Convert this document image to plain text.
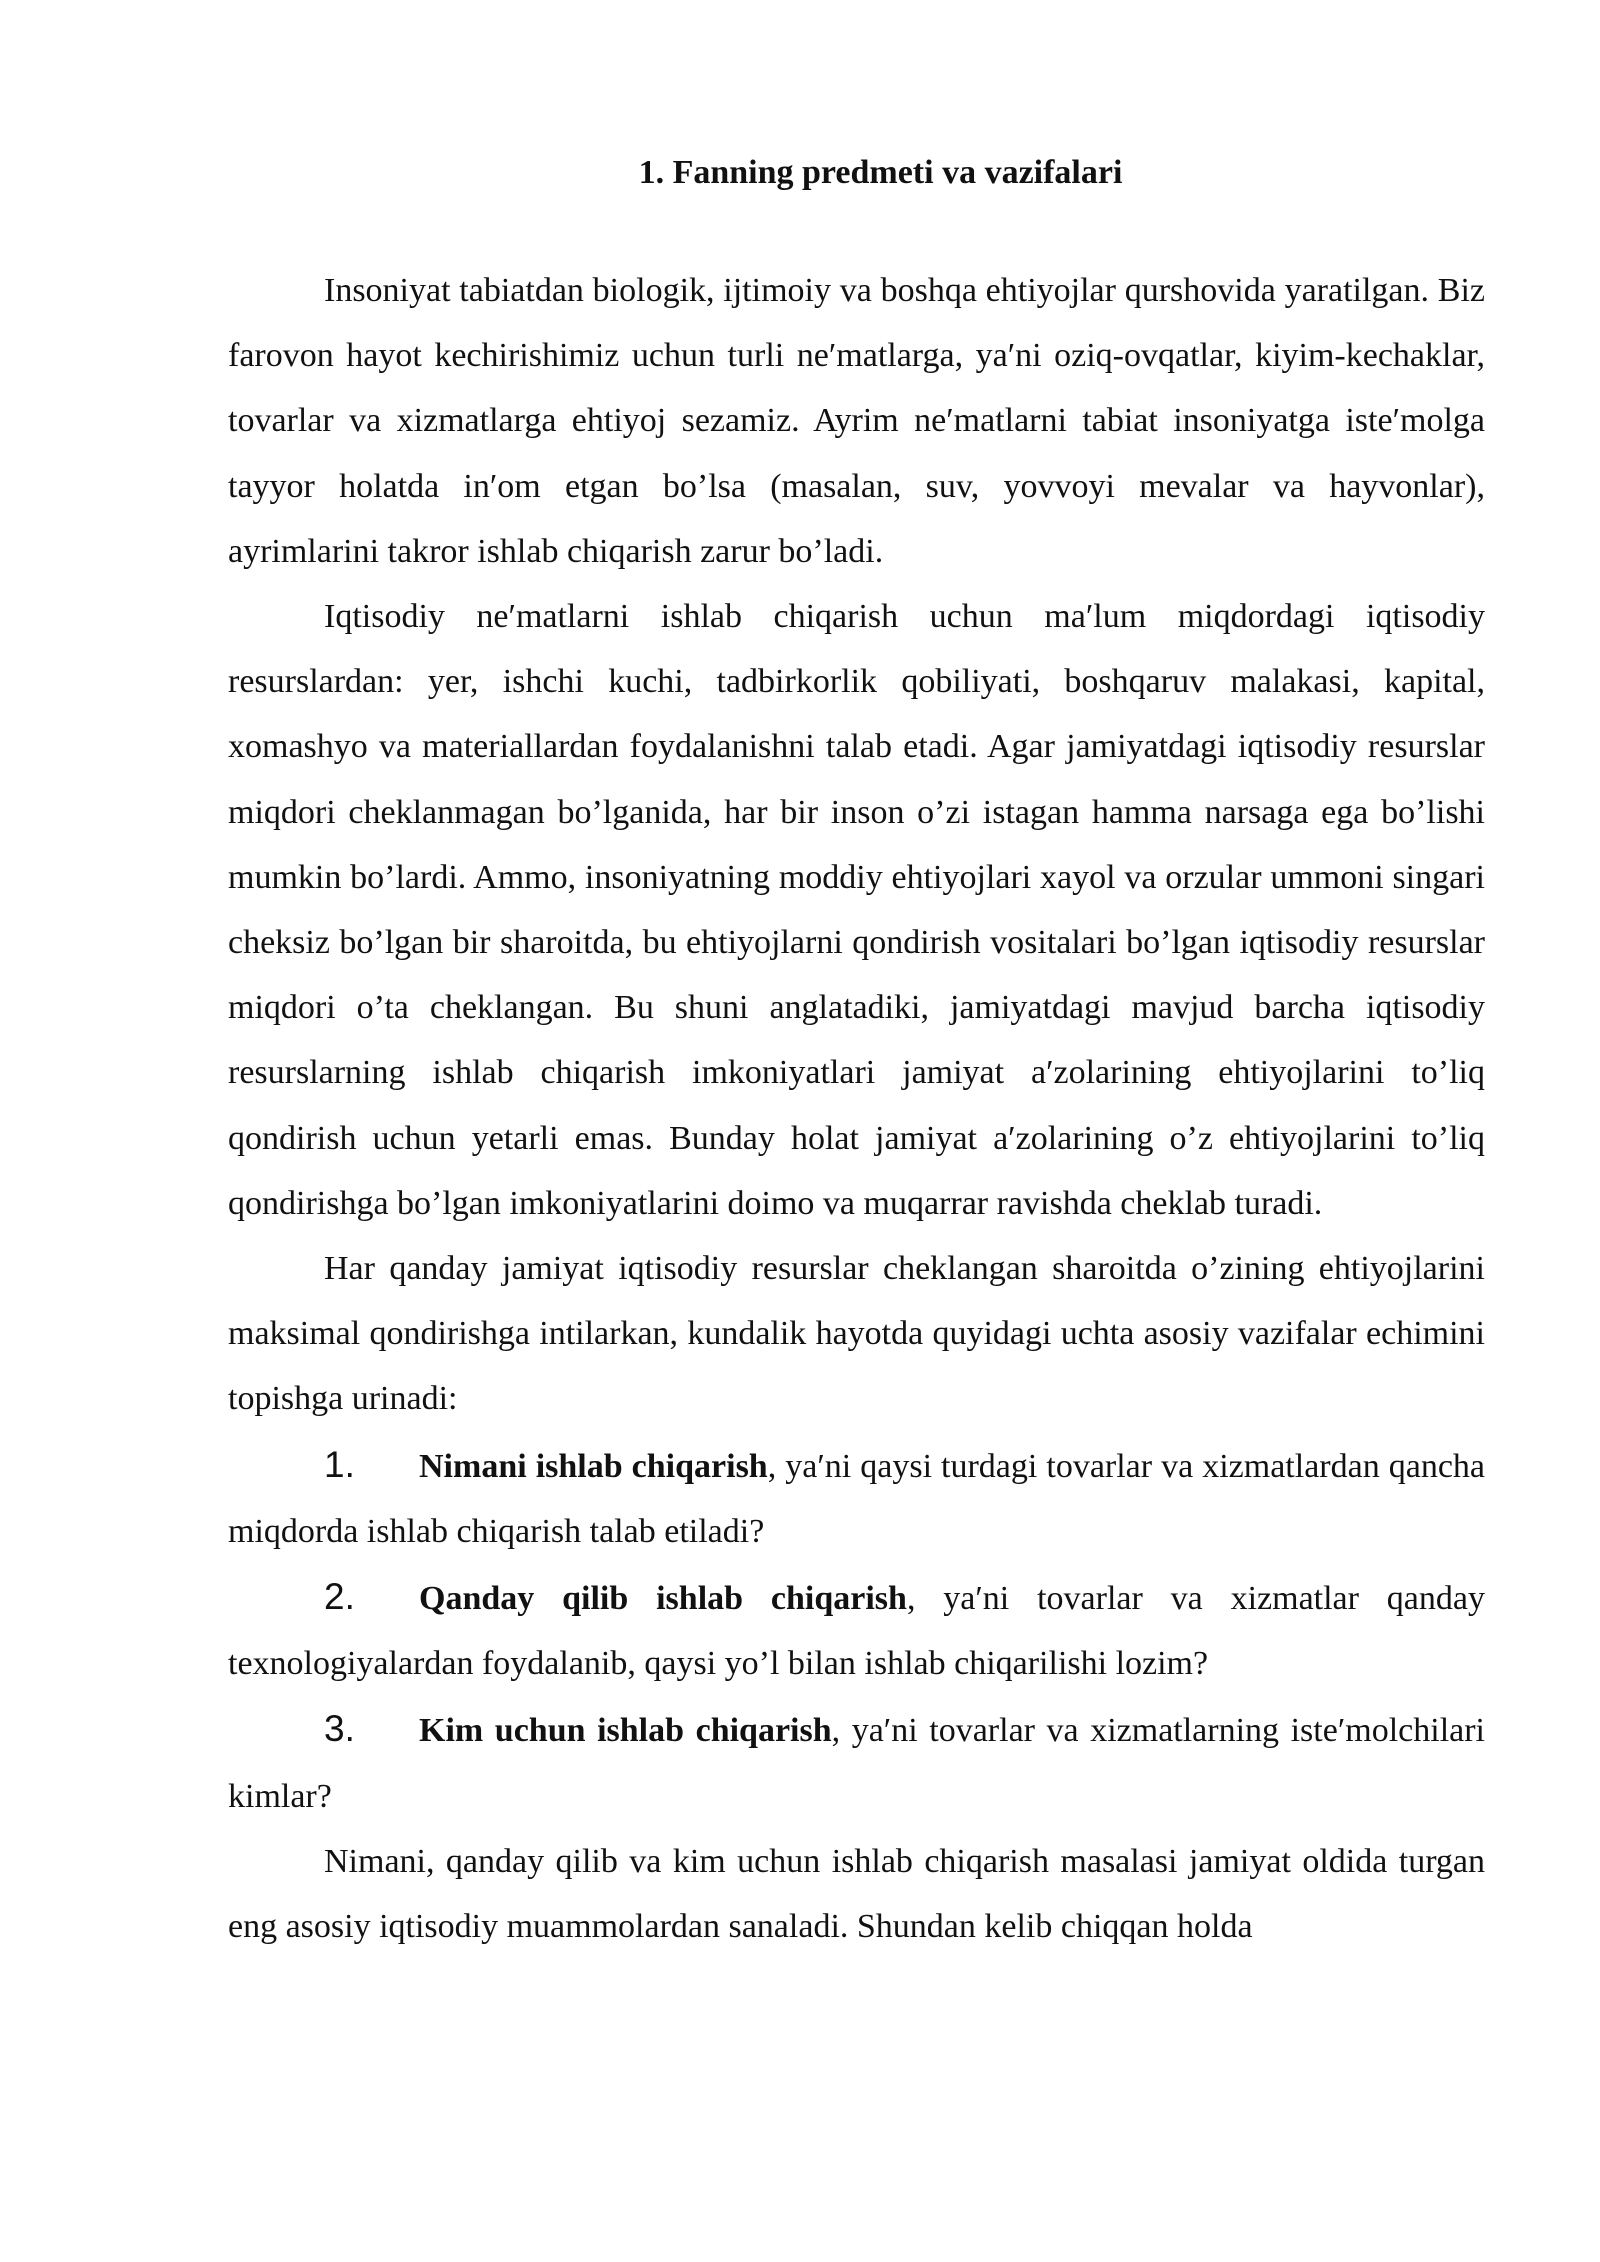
1. Fanning predmeti va vazifalari

Insoniyat tabiatdan biologik, ijtimoiy va boshqa ehtiyojlar qurshovida yaratilgan. Biz farovon hayot kechirishimiz uchun turli ne′matlarga, ya′ni oziq-ovqatlar, kiyim-kechaklar, tovarlar va xizmatlarga ehtiyoj sezamiz. Ayrim ne′matlarni tabiat insoniyatga iste′molga tayyor holatda in′om etgan bo’lsa (masalan, suv, yovvoyi mevalar va hayvonlar), ayrimlarini takror ishlab chiqarish zarur bo’ladi.

Iqtisodiy ne′matlarni ishlab chiqarish uchun ma′lum miqdordagi iqtisodiy resurslardan: yer, ishchi kuchi, tadbirkorlik qobiliyati, boshqaruv malakasi, kapital, xomashyo va materiallardan foydalanishni talab etadi. Agar jamiyatdagi iqtisodiy resurslar miqdori cheklanmagan bo’lganida, har bir inson o’zi istagan hamma narsaga ega bo’lishi mumkin bo’lardi. Ammo, insoniyatning moddiy ehtiyojlari xayol va orzular ummoni singari cheksiz bo’lgan bir sharoitda, bu ehtiyojlarni qondirish vositalari bo’lgan iqtisodiy resurslar miqdori o’ta cheklangan. Bu shuni anglatadiki, jamiyatdagi mavjud barcha iqtisodiy resurslarning ishlab chiqarish imkoniyatlari jamiyat a′zolarining ehtiyojlarini to’liq qondirish uchun yetarli emas. Bunday holat jamiyat a′zolarining o’z ehtiyojlarini to’liq qondirishga bo’lgan imkoniyatlarini doimo va muqarrar ravishda cheklab turadi.

Har qanday jamiyat iqtisodiy resurslar cheklangan sharoitda o’zining ehtiyojlarini maksimal qondirishga intilarkan, kundalik hayotda quyidagi uchta asosiy vazifalar echimini topishga urinadi:

1. Nimani ishlab chiqarish, ya′ni qaysi turdagi tovarlar va xizmatlardan qancha miqdorda ishlab chiqarish talab etiladi?

2. Qanday qilib ishlab chiqarish, ya′ni tovarlar va xizmatlar qanday texnologiyalardan foydalanib, qaysi yo’l bilan ishlab chiqarilishi lozim?

3. Kim uchun ishlab chiqarish, ya′ni tovarlar va xizmatlarning iste′molchilari kimlar?

Nimani, qanday qilib va kim uchun ishlab chiqarish masalasi jamiyat oldida turgan eng asosiy iqtisodiy muammolardan sanaladi. Shundan kelib chiqqan holda
